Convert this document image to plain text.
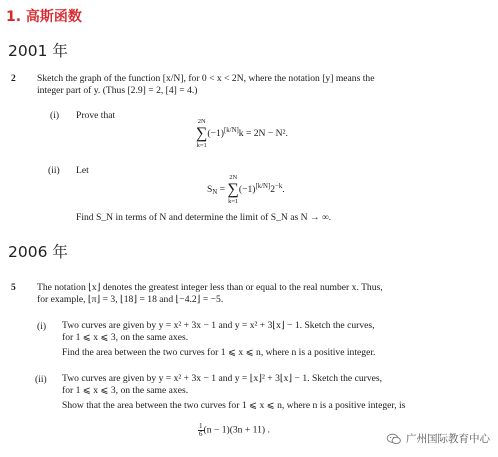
1. 高斯函数
2001 年
2 Sketch the graph of the function [x/N], for 0 < x < 2N, where the notation [y] means the
integer part of y. (Thus [2.9] = 2, [4] = 4.)
(i) Prove that
2N
∑
k=1
(−1)[k/N]k = 2N − N².
(ii) Let
$S_N$ =
2N
∑
k=1
$(-1)[k/N]2^{-k}$.
Find S_N in terms of N and determine the limit of S_N as N → ∞.
2006 年
5 The notation ⌊x⌋ denotes the greatest integer less than or equal to the real number x. Thus,
for example, ⌊π⌋ = 3, ⌊18⌋ = 18 and ⌊−4.2⌋ = −5.
(i) Two curves are given by y = x² + 3x − 1 and y = x² + 3⌊x⌋ − 1. Sketch the curves,
for 1 ⩽ x ⩽ 3, on the same axes.
Find the area between the two curves for 1 ⩽ x ⩽ n, where n is a positive integer.
(ii) Two curves are given by y = x² + 3x − 1 and y = ⌊x⌋² + 3⌊x⌋ − 1. Sketch the curves,
for 1 ⩽ x ⩽ 3, on the same axes.
Show that the area between the two curves for 1 ⩽ x ⩽ n, where n is a positive integer, is
$\frac{1}{6} (n - 1)(3n + 11)$ .
广州国际教育中心
